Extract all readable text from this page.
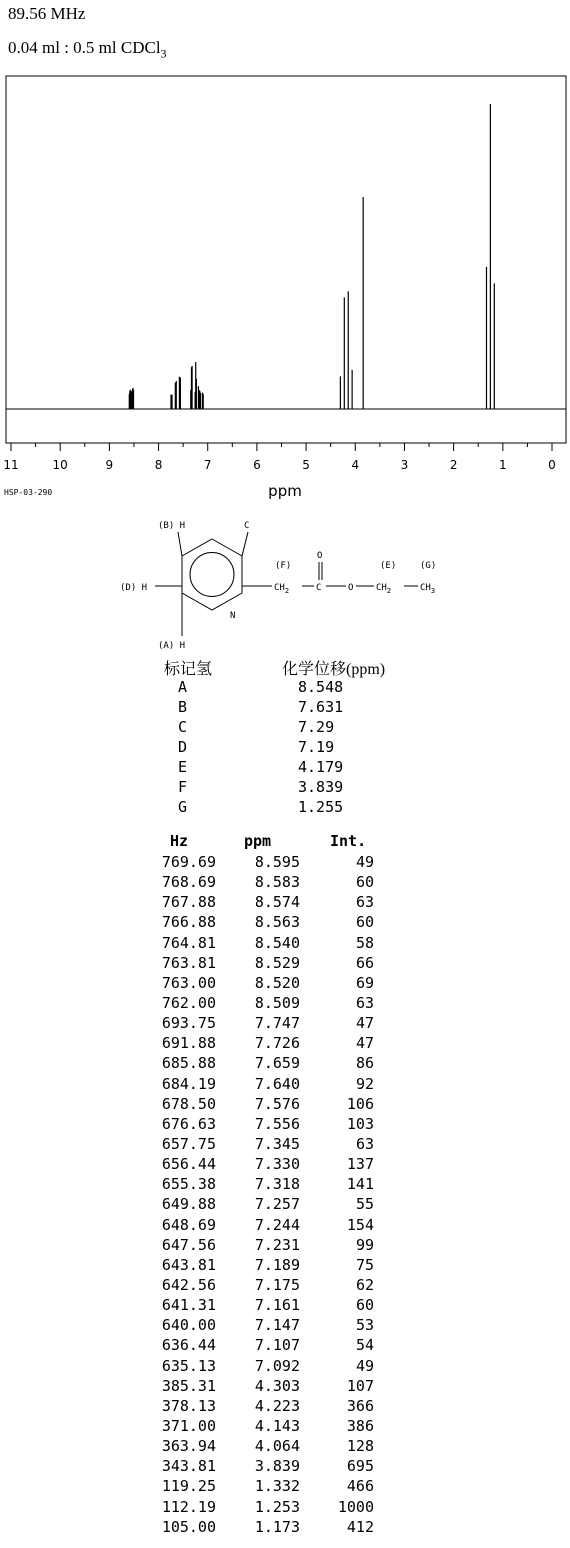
89.56 MHz
0.04 ml : 0.5 ml CDCl$_3$
11	10	9	8	7	6	5	4	3	2	1	0
ppm
HSP-03-290
(B) H	C
(D) H
(A) H
N
(F)
O
(E)	(G)
$CH_2$	C	O	$CH_2$	$CH_3$
标记氢	化学位移(ppm)
A	8.548
B	7.631
C	7.29
D	7.19
E	4.179
F	3.839
G	1.255
Hz	ppm	Int.
769.69	8.595	49
768.69	8.583	60
767.88	8.574	63
766.88	8.563	60
764.81	8.540	58
763.81	8.529	66
763.00	8.520	69
762.00	8.509	63
693.75	7.747	47
691.88	7.726	47
685.88	7.659	86
684.19	7.640	92
678.50	7.576	106
676.63	7.556	103
657.75	7.345	63
656.44	7.330	137
655.38	7.318	141
649.88	7.257	55
648.69	7.244	154
647.56	7.231	99
643.81	7.189	75
642.56	7.175	62
641.31	7.161	60
640.00	7.147	53
636.44	7.107	54
635.13	7.092	49
385.31	4.303	107
378.13	4.223	366
371.00	4.143	386
363.94	4.064	128
343.81	3.839	695
119.25	1.332	466
112.19	1.253	1000
105.00	1.173	412
